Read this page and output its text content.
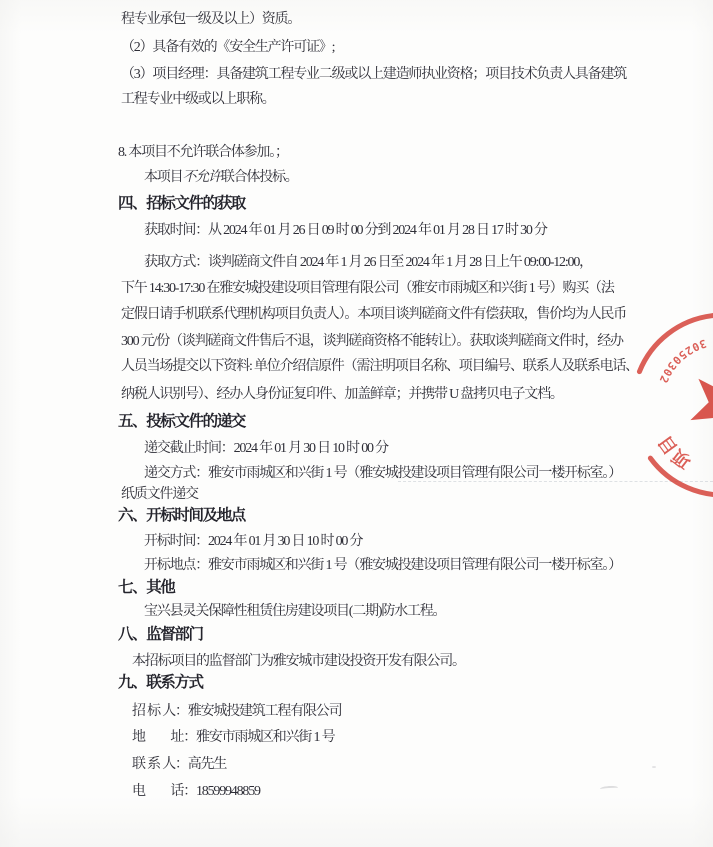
程专业承包一级及以上）资质。
（2）具备有效的《安全生产许可证》;
（3）项目经理：具备建筑工程专业二级或以上建造师执业资格；项目技术负责人具备建筑
工程专业中级或以上职称。
8. 本项目不允许联合体参加。；
本项目不允许联合体投标。
四、招标文件的获取
获取时间：从 2024 年 01 月 26 日 09 时 00 分到 2024 年 01 月 28 日 17 时 30 分
获取方式：谈判磋商文件自 2024 年 1 月 26 日至 2024 年 1 月 28 日上午 09:00-12:00，
下午 14:30-17:30 在雅安城投建设项目管理有限公司（雅安市雨城区和兴街 1 号）购买（法
定假日请手机联系代理机构项目负责人）。本项目谈判磋商文件有偿获取，售价均为人民币
300 元/份（谈判磋商文件售后不退，谈判磋商资格不能转让）。获取谈判磋商文件时，经办
人员当场提交以下资料: 单位介绍信原件（需注明项目名称、项目编号、联系人及联系电话、
纳税人识别号）、经办人身份证复印件、加盖鲜章；并携带 U 盘拷贝电子文档。
五、投标文件的递交
递交截止时间：2024 年 01 月 30 日 10 时 00 分
递交方式：雅安市雨城区和兴街 1 号（雅安城投建设项目管理有限公司一楼开标室。）
纸质文件递交
六、开标时间及地点
开标时间：2024 年 01 月 30 日 10 时 00 分
开标地点：雅安市雨城区和兴街 1 号（雅安城投建设项目管理有限公司一楼开标室。）
七、其他
宝兴县灵关保障性租赁住房建设项目(二期)防水工程。
八、监督部门
本招标项目的监督部门为雅安城市建设投资开发有限公司。
九、联系方式
招 标 人：雅安城投建筑工程有限公司
地　　址：雅安市雨城区和兴街 1 号
联 系 人：高先生
电　　话：18599948859
项目
30250302
